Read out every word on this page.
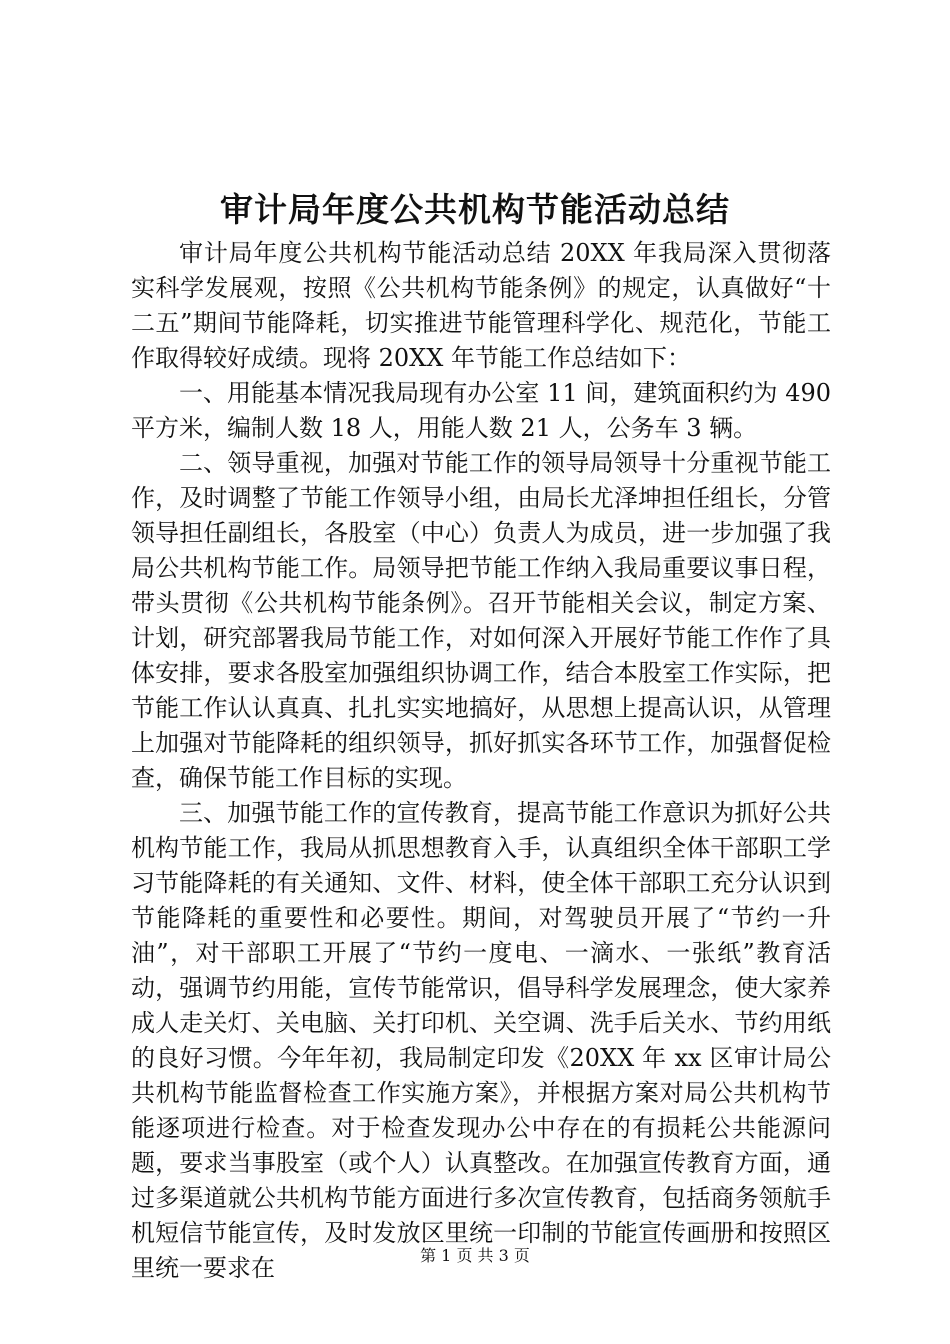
审计局年度公共机构节能活动总结

审计局年度公共机构节能活动总结 20XX 年我局深入贯彻落实科学发展观，按照《公共机构节能条例》的规定，认真做好“十二五”期间节能降耗，切实推进节能管理科学化、规范化，节能工作取得较好成绩。现将 20XX 年节能工作总结如下：

一、用能基本情况我局现有办公室 11 间，建筑面积约为 490 平方米，编制人数 18 人，用能人数 21 人，公务车 3 辆。

二、领导重视，加强对节能工作的领导局领导十分重视节能工作，及时调整了节能工作领导小组，由局长尤泽坤担任组长，分管领导担任副组长，各股室（中心）负责人为成员，进一步加强了我局公共机构节能工作。局领导把节能工作纳入我局重要议事日程，带头贯彻《公共机构节能条例》。召开节能相关会议，制定方案、计划，研究部署我局节能工作，对如何深入开展好节能工作作了具体安排，要求各股室加强组织协调工作，结合本股室工作实际，把节能工作认认真真、扎扎实实地搞好，从思想上提高认识，从管理上加强对节能降耗的组织领导，抓好抓实各环节工作，加强督促检查，确保节能工作目标的实现。

三、加强节能工作的宣传教育，提高节能工作意识为抓好公共机构节能工作，我局从抓思想教育入手，认真组织全体干部职工学习节能降耗的有关通知、文件、材料，使全体干部职工充分认识到节能降耗的重要性和必要性。期间，对驾驶员开展了“节约一升油”，对干部职工开展了“节约一度电、一滴水、一张纸”教育活动，强调节约用能，宣传节能常识，倡导科学发展理念，使大家养成人走关灯、关电脑、关打印机、关空调、洗手后关水、节约用纸的良好习惯。今年年初，我局制定印发《20XX 年 xx 区审计局公共机构节能监督检查工作实施方案》，并根据方案对局公共机构节能逐项进行检查。对于检查发现办公中存在的有损耗公共能源问题，要求当事股室（或个人）认真整改。在加强宣传教育方面，通过多渠道就公共机构节能方面进行多次宣传教育，包括商务领航手机短信节能宣传，及时发放区里统一印制的节能宣传画册和按照区里统一要求在	第 1 页 共 3 页
